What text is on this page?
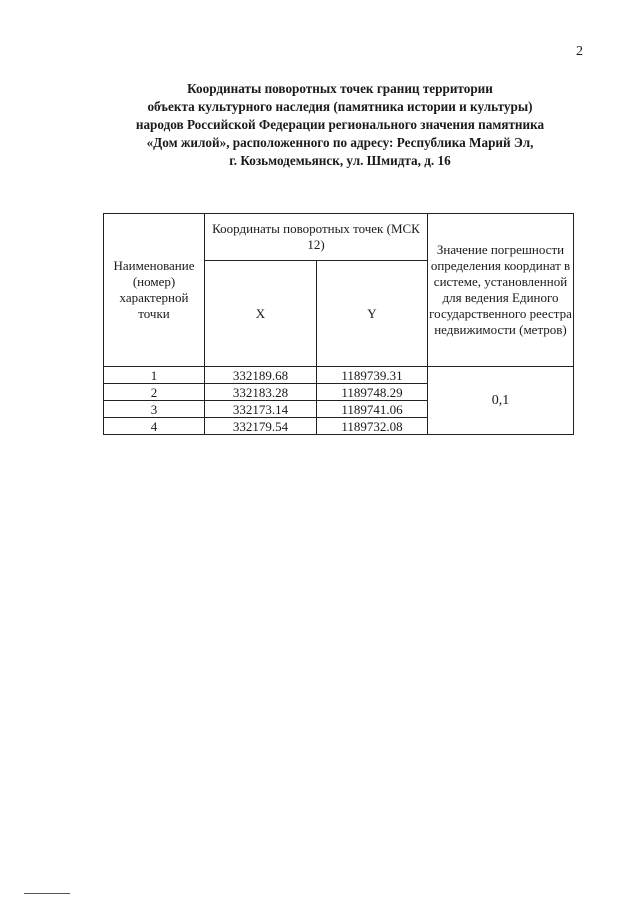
2
Координаты поворотных точек границ территории
объекта культурного наследия (памятника истории и культуры)
народов Российской Федерации регионального значения памятника
«Дом жилой», расположенного по адресу: Республика Марий Эл,
г. Козьмодемьянск, ул. Шмидта, д. 16
Наименование (номер) характерной точки	Координаты поворотных точек (МСК 12)		Значение погрешности определения координат в системе, установленной для ведения Единого государственного реестра недвижимости (метров)
	X	Y	
1	332189.68	1189739.31	0,1
2	332183.28	1189748.29	
3	332173.14	1189741.06	
4	332179.54	1189732.08	
